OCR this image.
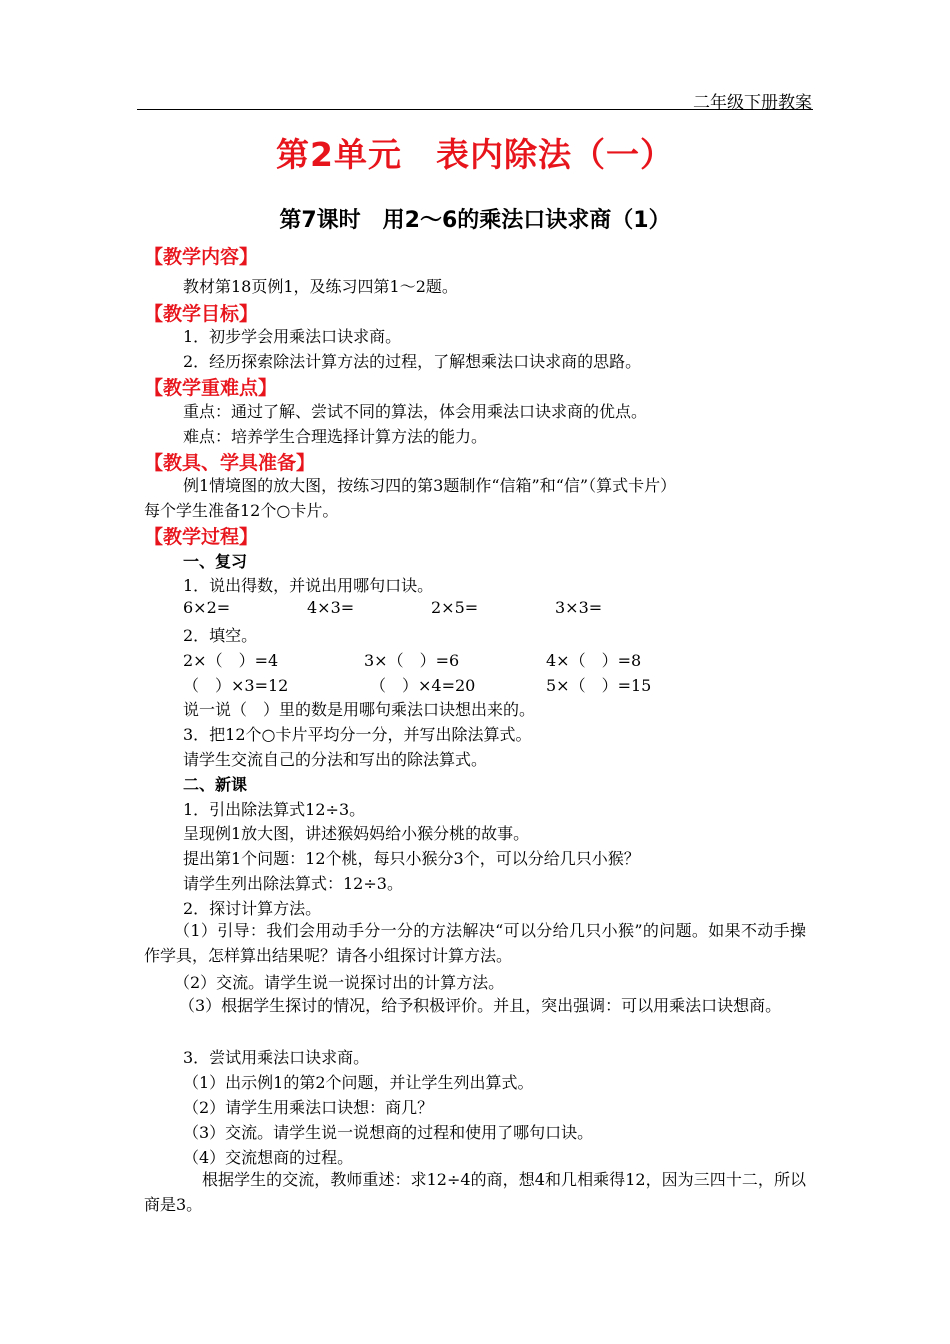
二年级下册教案
第2单元　表内除法（一）
第7课时　用2～6的乘法口诀求商（1）
【教学内容】
教材第18页例1，及练习四第1～2题。
【教学目标】
1．初步学会用乘法口诀求商。
2．经历探索除法计算方法的过程，了解想乘法口诀求商的思路。
【教学重难点】
重点：通过了解、尝试不同的算法，体会用乘法口诀求商的优点。
难点：培养学生合理选择计算方法的能力。
【教具、学具准备】
例1情境图的放大图，按练习四的第3题制作“信箱”和“信”（算式卡片）
每个学生准备12个○卡片。
【教学过程】
一、复习
1．说出得数，并说出用哪句口诀。
6×2=	4×3=	2×5=	3×3=
2．填空。
2×（　）=4	3×（　）=6	4×（　）=8
（　）×3=12	（　）×4=20	5×（　）=15
说一说（　）里的数是用哪句乘法口诀想出来的。
3．把12个○卡片平均分一分，并写出除法算式。
请学生交流自己的分法和写出的除法算式。
二、新课
1．引出除法算式12÷3。
呈现例1放大图，讲述猴妈妈给小猴分桃的故事。
提出第1个问题：12个桃，每只小猴分3个，可以分给几只小猴？
请学生列出除法算式：12÷3。
2．探讨计算方法。
（1）引导：我们会用动手分一分的方法解决“可以分给几只小猴”的问题。如果不动手操作学具，怎样算出结果呢？请各小组探讨计算方法。
（2）交流。请学生说一说探讨出的计算方法。
（3）根据学生探讨的情况，给予积极评价。并且，突出强调：可以用乘法口诀想商。
3．尝试用乘法口诀求商。
（1）出示例1的第2个问题，并让学生列出算式。
（2）请学生用乘法口诀想：商几？
（3）交流。请学生说一说想商的过程和使用了哪句口诀。
（4）交流想商的过程。
根据学生的交流，教师重述：求12÷4的商，想4和几相乘得12，因为三四十二，所以商是3。
